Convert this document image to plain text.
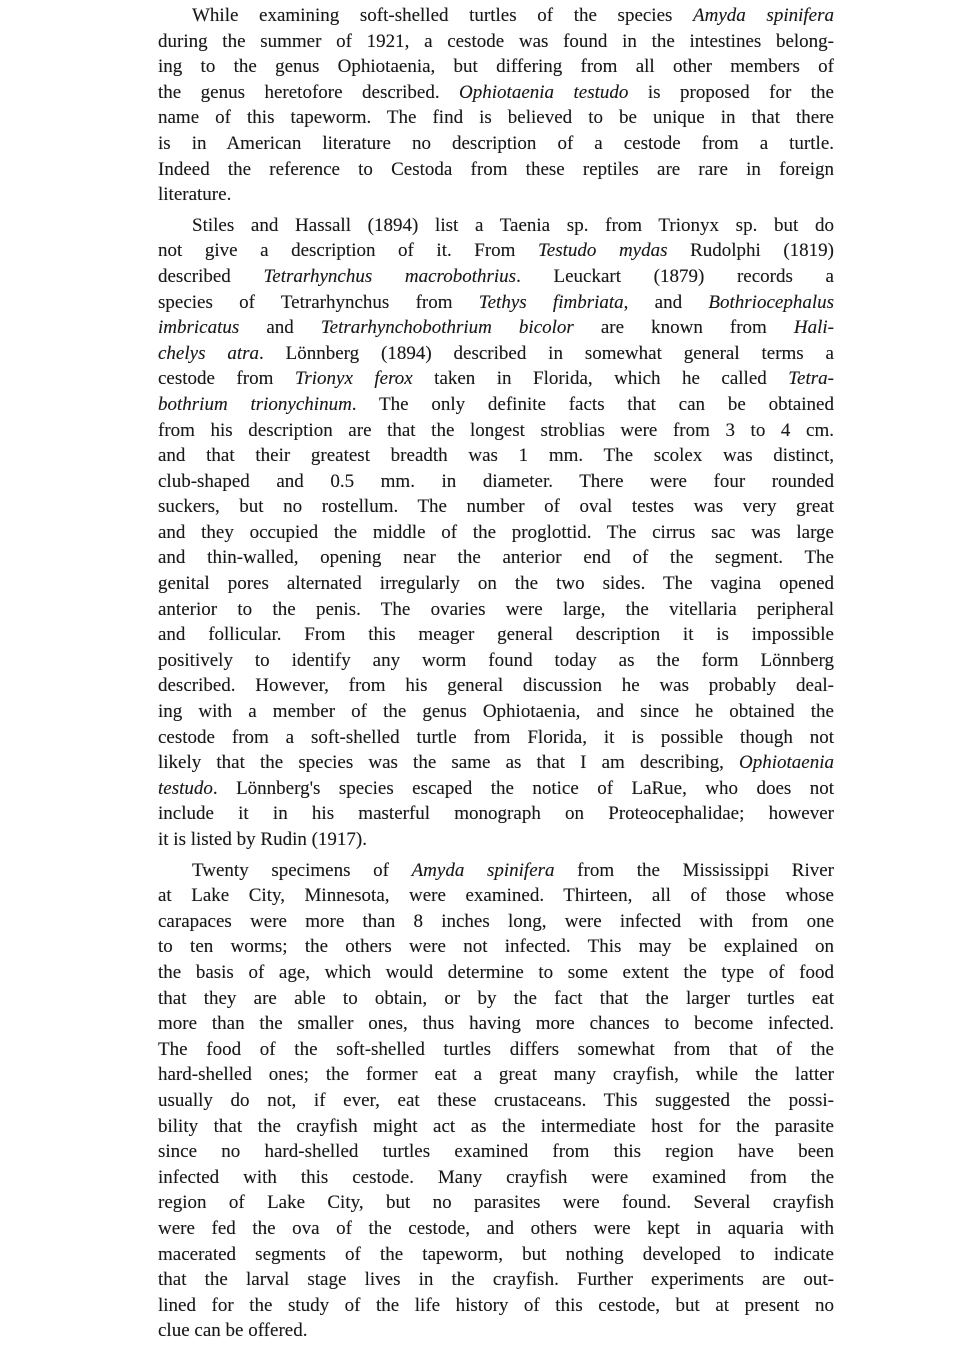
While examining soft-shelled turtles of the species Amyda spinifera
during the summer of 1921, a cestode was found in the intestines belong-
ing to the genus Ophiotaenia, but differing from all other members of
the genus heretofore described. Ophiotaenia testudo is proposed for the
name of this tapeworm. The find is believed to be unique in that there
is in American literature no description of a cestode from a turtle.
Indeed the reference to Cestoda from these reptiles are rare in foreign
literature.
Stiles and Hassall (1894) list a Taenia sp. from Trionyx sp. but do
not give a description of it. From Testudo mydas Rudolphi (1819)
described Tetrarhynchus macrobothrius. Leuckart (1879) records a
species of Tetrarhynchus from Tethys fimbriata, and Bothriocephalus
imbricatus and Tetrarhynchobothrium bicolor are known from Hali-
chelys atra. Lönnberg (1894) described in somewhat general terms a
cestode from Trionyx ferox taken in Florida, which he called Tetra-
bothrium trionychinum. The only definite facts that can be obtained
from his description are that the longest stroblias were from 3 to 4 cm.
and that their greatest breadth was 1 mm. The scolex was distinct,
club-shaped and 0.5 mm. in diameter. There were four rounded
suckers, but no rostellum. The number of oval testes was very great
and they occupied the middle of the proglottid. The cirrus sac was large
and thin-walled, opening near the anterior end of the segment. The
genital pores alternated irregularly on the two sides. The vagina opened
anterior to the penis. The ovaries were large, the vitellaria peripheral
and follicular. From this meager general description it is impossible
positively to identify any worm found today as the form Lönnberg
described. However, from his general discussion he was probably deal-
ing with a member of the genus Ophiotaenia, and since he obtained the
cestode from a soft-shelled turtle from Florida, it is possible though not
likely that the species was the same as that I am describing, Ophiotaenia
testudo. Lönnberg's species escaped the notice of LaRue, who does not
include it in his masterful monograph on Proteocephalidae; however
it is listed by Rudin (1917).
Twenty specimens of Amyda spinifera from the Mississippi River
at Lake City, Minnesota, were examined. Thirteen, all of those whose
carapaces were more than 8 inches long, were infected with from one
to ten worms; the others were not infected. This may be explained on
the basis of age, which would determine to some extent the type of food
that they are able to obtain, or by the fact that the larger turtles eat
more than the smaller ones, thus having more chances to become infected.
The food of the soft-shelled turtles differs somewhat from that of the
hard-shelled ones; the former eat a great many crayfish, while the latter
usually do not, if ever, eat these crustaceans. This suggested the possi-
bility that the crayfish might act as the intermediate host for the parasite
since no hard-shelled turtles examined from this region have been
infected with this cestode. Many crayfish were examined from the
region of Lake City, but no parasites were found. Several crayfish
were fed the ova of the cestode, and others were kept in aquaria with
macerated segments of the tapeworm, but nothing developed to indicate
that the larval stage lives in the crayfish. Further experiments are out-
lined for the study of the life history of this cestode, but at present no
clue can be offered.
